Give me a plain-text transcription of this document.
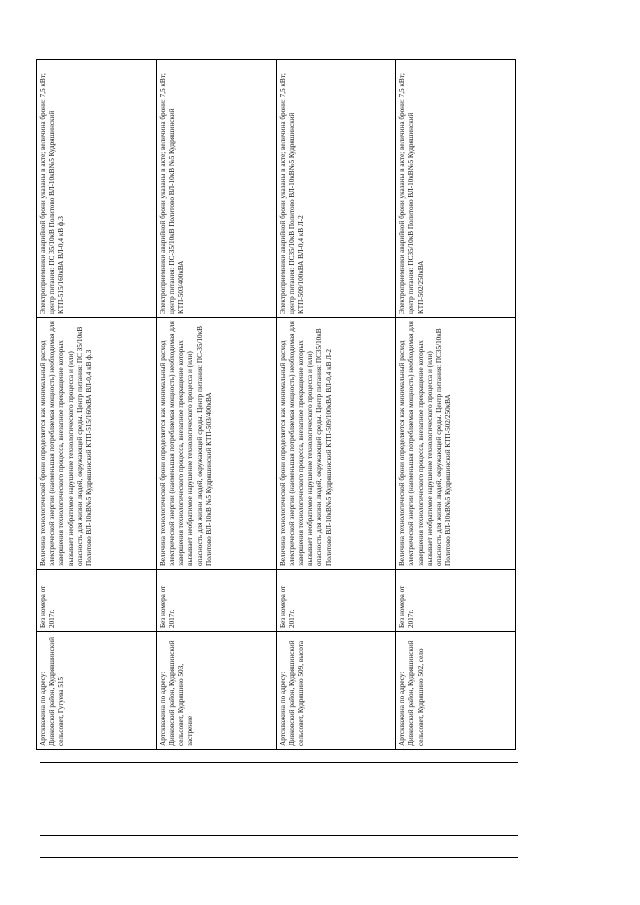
Артскважина по адресу: Дивковский район, Кудрявшинский сельсовет, Гугуева 515	Без номера от 2017г.	Величина технологической брони определяется как минимальный расход электрической энергии (наименьшая потребляемая мощность) необходимая для завершения технологического процесса, внезапное прекращение которых вызывает необратимое нарушение технологического процесса и (или) опасность для жизни людей, окружающей среды. Центр питания: ПС 35/10кВ Политово ВЛ-10кВ№5 Кудряшинский КТП-515/160кВА ВЛ-0,4 кВ ф.3	Электроприемники аварийной брони указаны в акте; величина брони: 7,5 кВт; центр питания: ПС 35/10кВ Политово ВЛ-10кВ№5 Кудряшинский КТП-515/160кВА ВЛ-0,4 кВ ф.3
Артскважина по адресу: Дивковский район, Кудряшинский сельсовет, Кудряшино 503, застрение	Без номера от 2017г.	Величина технологической брони определяется как минимальный расход электрической энергии (наименьшая потребляемая мощность) необходимая для завершения технологического процесса, внезапное прекращение которых вызывает необратимое нарушение технологического процесса и (или) опасность для жизни людей, окружающей среды. Центр питания: ПС-35/10кВ Политово ВЛ-10кВ №5 Кудряшинский КТП-503/400кВА	Электроприемники аварийной брони указаны в акте; величина брони: 7,5 кВт; центр питания: ПС-35/10кВ Политово ВЛ-10кВ №5 Кудряшинский КТП-503/400кВА
Артскважина по адресу: Дивковский район, Кудряшинский сельсовет, Кудряшино 509, высота	Без номера от 2017г.	Величина технологической брони определяется как минимальный расход электрической энергии (наименьшая потребляемая мощность) необходимая для завершения технологического процесса, внезапное прекращение которых вызывает необратимое нарушение технологического процесса и (или) опасность для жизни людей, окружающей среды. Центр питания: ПС35/10кВ Политово ВЛ-10кВ№5 Кудряшинский КТП-509/100кВА ВЛ-0,4 кВ Л-2	Электроприемники аварийной брони указаны в акте; величина брони: 7,5 кВт; центр питания: ПС35/10кВ Политово ВЛ-10кВ№5 Кудряшинский КТП-509/100кВА ВЛ-0,4 кВ Л-2
Артскважина по адресу: Дивковский район, Кудряшинский сельсовет, Кудряшино 502, село	Без номера от 2017г.	Величина технологической брони определяется как минимальный расход электрической энергии (наименьшая потребляемая мощность) необходимая для завершения технологического процесса, внезапное прекращение которых вызывает необратимое нарушение технологического процесса и (или) опасность для жизни людей, окружающей среды. Центр питания: ПС35/10кВ Политово ВЛ-10кВ№5 Кудряшинский КТП-502/250кВА	Электроприемники аварийной брони указаны в акте; величина брони: 7,5 кВт; центр питания: ПС35/10кВ Политово ВЛ-10кВ№5 Кудряшинский КТП-502/250кВА
